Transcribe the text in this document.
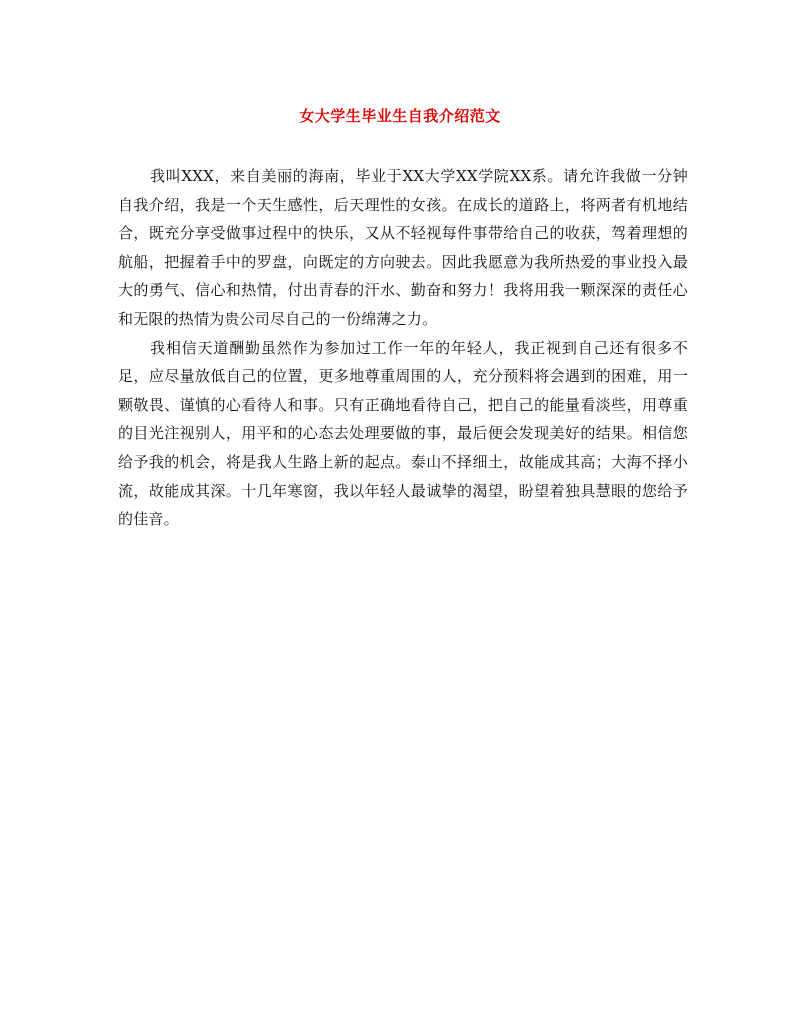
女大学生毕业生自我介绍范文

我叫XXX，来自美丽的海南，毕业于XX大学XX学院XX系。请允许我做一分钟自我介绍，我是一个天生感性，后天理性的女孩。在成长的道路上，将两者有机地结合，既充分享受做事过程中的快乐，又从不轻视每件事带给自己的收获，驾着理想的航船，把握着手中的罗盘，向既定的方向驶去。因此我愿意为我所热爱的事业投入最大的勇气、信心和热情，付出青春的汗水、勤奋和努力！我将用我一颗深深的责任心和无限的热情为贵公司尽自己的一份绵薄之力。

我相信天道酬勤虽然作为参加过工作一年的年轻人，我正视到自己还有很多不足，应尽量放低自己的位置，更多地尊重周围的人，充分预料将会遇到的困难，用一颗敬畏、谨慎的心看待人和事。只有正确地看待自己，把自己的能量看淡些，用尊重的目光注视别人，用平和的心态去处理要做的事，最后便会发现美好的结果。相信您给予我的机会，将是我人生路上新的起点。泰山不择细土，故能成其高；大海不择小流，故能成其深。十几年寒窗，我以年轻人最诚挚的渴望，盼望着独具慧眼的您给予的佳音。
